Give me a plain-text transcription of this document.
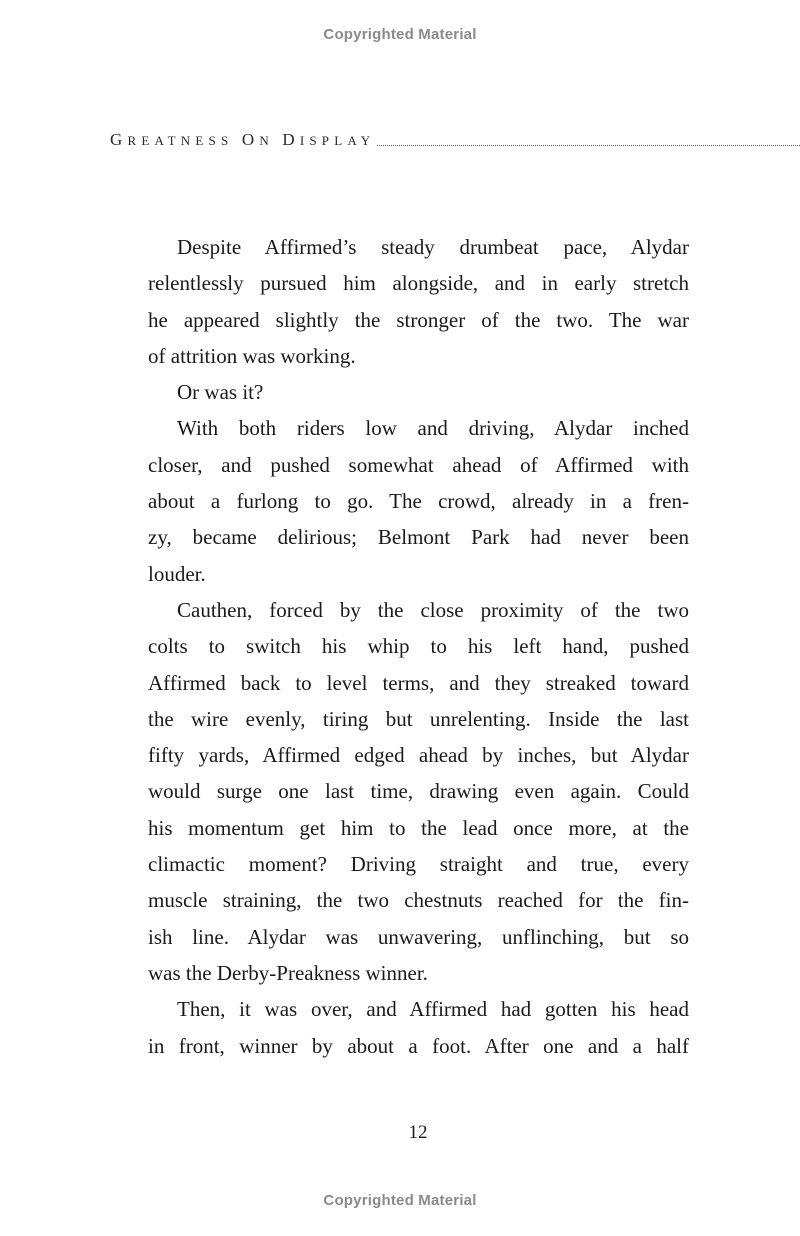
Copyrighted Material
GREATNESS ON DISPLAY
Despite Affirmed’s steady drumbeat pace, Alydar
relentlessly pursued him alongside, and in early stretch
he appeared slightly the stronger of the two. The war
of attrition was working.
Or was it?
With both riders low and driving, Alydar inched
closer, and pushed somewhat ahead of Affirmed with
about a furlong to go. The crowd, already in a fren-
zy, became delirious; Belmont Park had never been
louder.
Cauthen, forced by the close proximity of the two
colts to switch his whip to his left hand, pushed
Affirmed back to level terms, and they streaked toward
the wire evenly, tiring but unrelenting. Inside the last
fifty yards, Affirmed edged ahead by inches, but Alydar
would surge one last time, drawing even again. Could
his momentum get him to the lead once more, at the
climactic moment? Driving straight and true, every
muscle straining, the two chestnuts reached for the fin-
ish line. Alydar was unwavering, unflinching, but so
was the Derby-Preakness winner.
Then, it was over, and Affirmed had gotten his head
in front, winner by about a foot. After one and a half
12
Copyrighted Material
